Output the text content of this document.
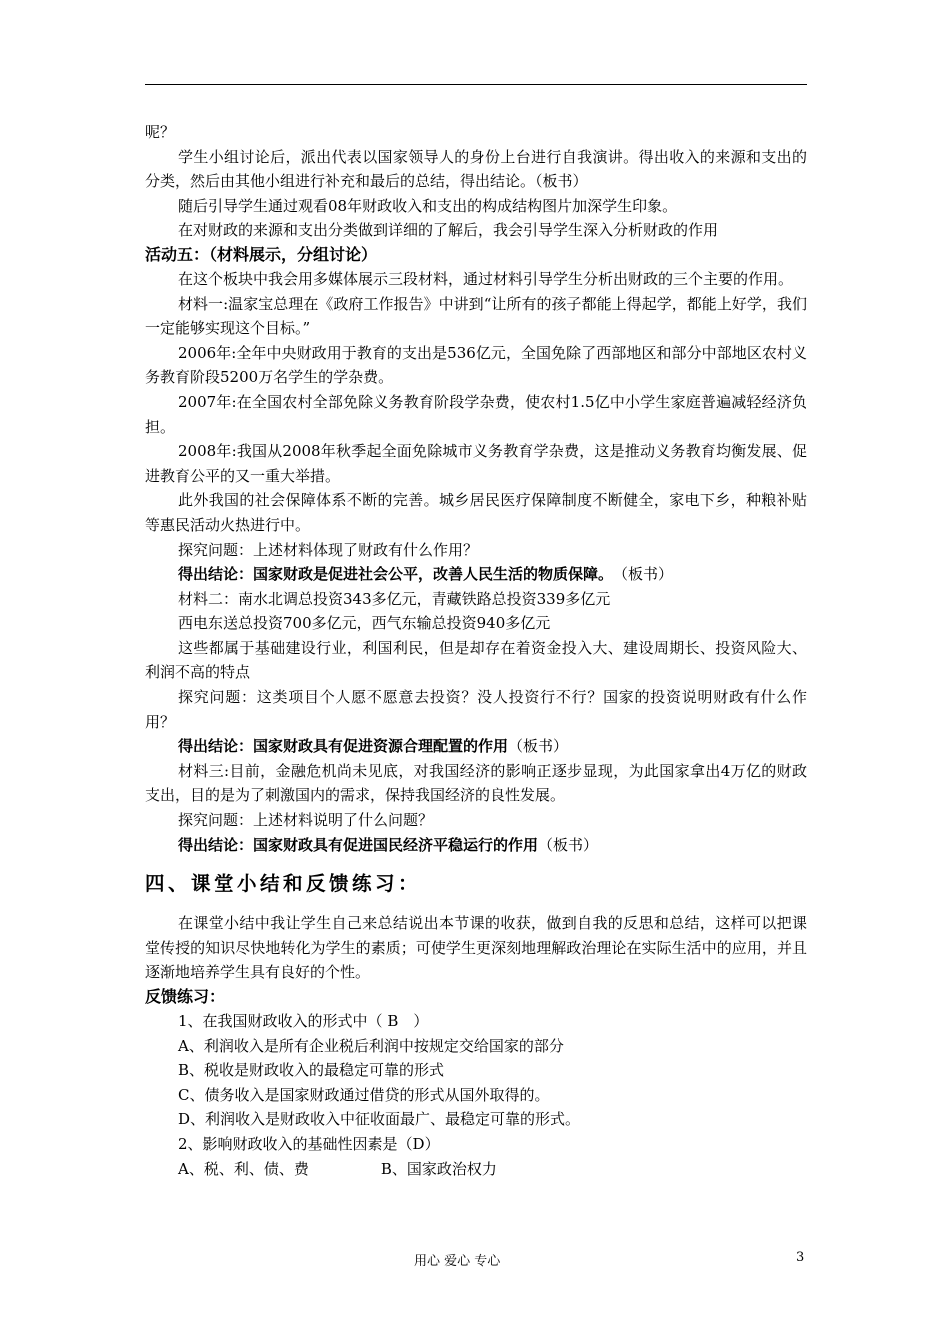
呢？

学生小组讨论后，派出代表以国家领导人的身份上台进行自我演讲。得出收入的来源和支出的分类，然后由其他小组进行补充和最后的总结，得出结论。（板书）

随后引导学生通过观看08年财政收入和支出的构成结构图片加深学生印象。

在对财政的来源和支出分类做到详细的了解后，我会引导学生深入分析财政的作用

活动五：（材料展示，分组讨论）

在这个板块中我会用多媒体展示三段材料，通过材料引导学生分析出财政的三个主要的作用。

材料一:温家宝总理在《政府工作报告》中讲到“让所有的孩子都能上得起学，都能上好学，我们一定能够实现这个目标。”

2006年:全年中央财政用于教育的支出是536亿元，全国免除了西部地区和部分中部地区农村义务教育阶段5200万名学生的学杂费。

2007年:在全国农村全部免除义务教育阶段学杂费，使农村1.5亿中小学生家庭普遍减轻经济负担。

2008年:我国从2008年秋季起全面免除城市义务教育学杂费，这是推动义务教育均衡发展、促进教育公平的又一重大举措。

此外我国的社会保障体系不断的完善。城乡居民医疗保障制度不断健全，家电下乡，种粮补贴等惠民活动火热进行中。

探究问题：上述材料体现了财政有什么作用？

得出结论：国家财政是促进社会公平，改善人民生活的物质保障。　 （板书）

材料二：南水北调总投资343多亿元，青藏铁路总投资339多亿元

西电东送总投资700多亿元，西气东输总投资940多亿元

这些都属于基础建设行业，利国利民，但是却存在着资金投入大、建设周期长、投资风险大、利润不高的特点

探究问题：这类项目个人愿不愿意去投资？没人投资行不行？国家的投资说明财政有什么作用？

得出结论：国家财政具有促进资源合理配置的作用（板书）

材料三:目前，金融危机尚未见底，对我国经济的影响正逐步显现，为此国家拿出4万亿的财政支出，目的是为了刺激国内的需求，保持我国经济的良性发展。

探究问题：上述材料说明了什么问题？

得出结论：国家财政具有促进国民经济平稳运行的作用（板书）

四、课堂小结和反馈练习：

在课堂小结中我让学生自己来总结说出本节课的收获，做到自我的反思和总结，这样可以把课堂传授的知识尽快地转化为学生的素质；可使学生更深刻地理解政治理论在实际生活中的应用，并且逐渐地培养学生具有良好的个性。

反馈练习：

1、在我国财政收入的形式中（ B　）

A、利润收入是所有企业税后利润中按规定交给国家的部分

B、税收是财政收入的最稳定可靠的形式

C、债务收入是国家财政通过借贷的形式从国外取得的。

D、利润收入是财政收入中征收面最广、最稳定可靠的形式。

2、影响财政收入的基础性因素是（D）

A、税、利、债、费	B、国家政治权力

用心 爱心 专心	3
